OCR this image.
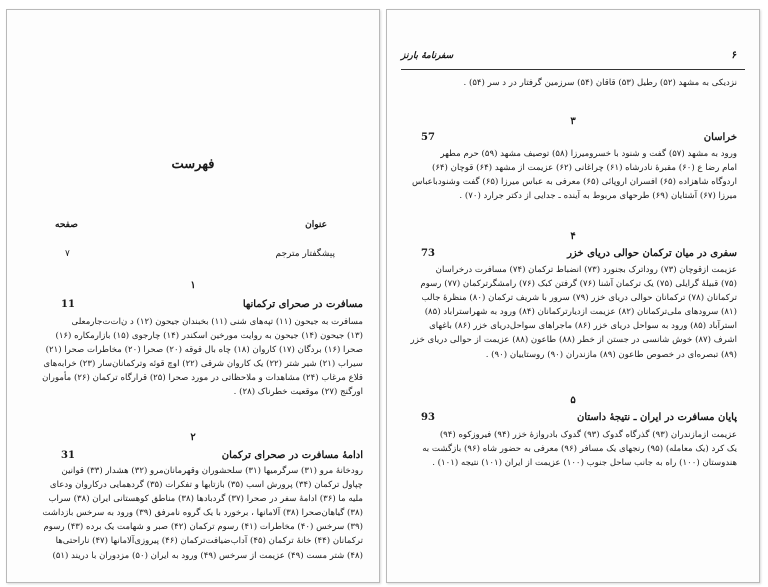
فهرست
عنوان
صفحه
پیشگفتار مترجم
۷
۱
مسافرت در صحرای ترکمانها
11
مسافرت به جیحون (١١) تپه‌های شنی (١١) بخبندان جیحون (١٢) د ن‌ا‌ت‌ت‌جار‌معلی
(١٣) جیحون (١۴) جیحون به روایت مورخین اسکندر (١۴) چارجوی (١۵) بازارمکاره (١۶)
صحرا (١۶) بردگان (١٧) کاروان (١٨) چاه بال قوقه (٢٠) صحرا (٢٠) مخاطرات صحرا (٢١)
سیراب (٢١) شیر شتر (٢٢) یک کاروان شرقی (٢٢) اوچ قوئه وترکمانان‌سار (٢٣) خرابه‌های
قلاع مرغاب (٢۴) مشاهدات و ملاحظاتی در مورد صحرا (٢۵) قرارگاه ترکمان (٢۶) مأموران
اورگنج (٢٧) موقعیت خطرناک (٢٨) .
۲
ادامهٔ مسافرت در صحرای ترکمان
31
رودخانهٔ مرو (٣١) سرگرمیها (٣١) سلحشوران وقهرمانان‌مرو (٣٢) هشدار (٣٣) قوانین
چپاول ترکمان (٣۴) پرورش اسب (٣۵) بازتابها و تفکرات (٣۵) گردهمایی درکاروان ودعای
ملیه ما (٣۶) ادامهٔ سفر در صحرا (٣٧) گردبادها (٣٨) مناطق کوهستانی ایران (٣٨) سراب
(٣٨) گیاهان‌صحرا (٣٨) آلامانها ، برخورد با یک گروه نامرفق (٣٩) ورود به سرخس بازداشت
(٣٩) سرخس (۴٠) مخاطرات (۴١) رسوم ترکمان (۴٢) صبر و شهامت یک برده (۴٣) رسوم
ترکمانان (۴۴) خانهٔ ترکمان (۴۵) آداب‌ضیافت‌ترکمان (۴۶) پیروزی‌آلامانها (۴٧) ناراحتی‌ها
(۴٨) شتر مست (۴٩) عزیمت از سرخس (۴٩) ورود به ایران (۵٠) مزدوران با دریند (۵١)
۶
سفرنامهٔ بارنز
نزدیکی به مشهد (۵٢) رطیل (۵٣) قاقان (۵۴) سرزمین گرفتار در د سر (۵۴) .
۳
خراسان
57
ورود به مشهد (۵٧) گفت و شنود با خسرومیرزا (۵٨) توصیف مشهد (۵٩) حرم مطهر
امام رضا ع (۶٠) مقبرهٔ نادرشاه (۶١) چراغانی (۶٢) عزیمت از مشهد (۶۴) قوچان (۶۴)
اردوگاه شاهزاده (۶۵) افسران اروپائی (۶۵) معرفی به عباس میرزا (۶۵) گفت وشنودباعباس
میرزا (۶٧) آشتایان (۶٩) طرحهای مربوط به آینده ـ جدایی از دکتر جرارد (٧٠) .
۴
سفری در میان ترکمان حوالی دریای خزر
73
عزیمت ازقوچان (٧٣) روداترک بجنورد (٧٣) انضباط ترکمان (٧۴) مسافرت درخراسان
(٧۵) قبیلهٔ گرایلی (٧۵) یک ترکمان آشنا (٧۶) گرفتن کبک (٧۶) رامشگرترکمان (٧٧) رسوم
ترکمانان (٧٨) ترکمانان حوالی دریای خزر (٧٩) سرور با شریف ترکمان (٨٠) منظرهٔ جالب
(٨١) سرودهای ملی‌ترکمانان (٨٢) عزیمت ازدیارترکمانان (٨۴) ورود به شهراستراباد (٨۵)
استرآباد (٨۵) ورود به سواحل دریای خزر (٨۶) ماجراهای سواحل‌دریای خزر (٨۶) باغهای
اشرف (٨٧) خوش شانسی در جستن از خطر (٨٨) طاعون (٨٨) عزیمت از حوالی دریای خزر
(٨٩) تبصره‌ای در خصوص طاعون (٨٩) مازندران (٩٠) روستاییان (٩٠) .
۵
پایان مسافرت در ایران ـ نتیجهٔ داستان
93
عزیمت ازمازندران (٩٣) گذرگاه گدوک (٩٣) گدوک بادروازهٔ خزر (٩۴) فیروزکوه (٩۴)
یک کرد (یک معامله) (٩۵) رنجهای یک مسافر (٩۶) معرفی به حضور شاه (٩۶) بازگشت به
هندوستان (١٠٠) راه به جانب ساحل جنوب (١٠٠) عزیمت از ایران (١٠١) نتیجه (١٠١) .
